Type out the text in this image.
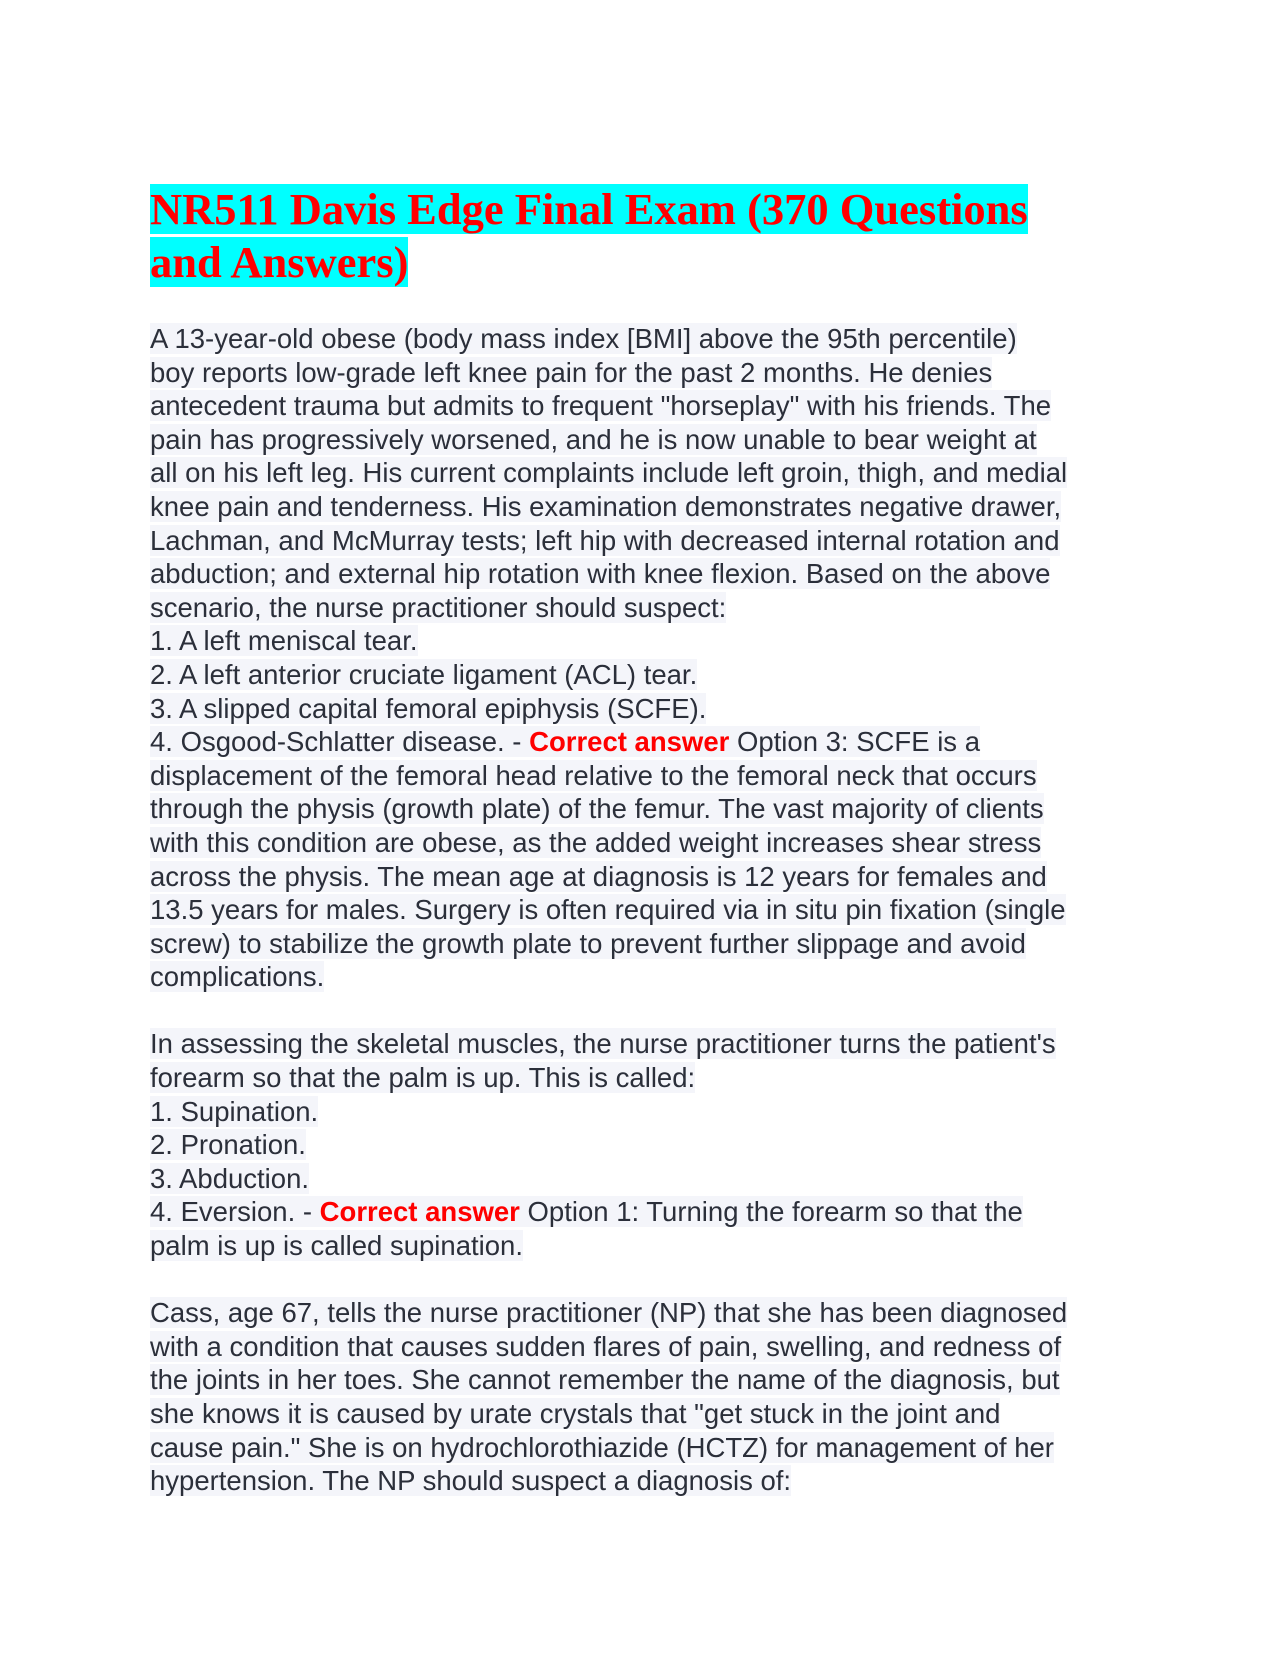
NR511 Davis Edge Final Exam (370 Questions
and Answers)
A 13-year-old obese (body mass index [BMI] above the 95th percentile)
boy reports low-grade left knee pain for the past 2 months. He denies
antecedent trauma but admits to frequent "horseplay" with his friends. The
pain has progressively worsened, and he is now unable to bear weight at
all on his left leg. His current complaints include left groin, thigh, and medial
knee pain and tenderness. His examination demonstrates negative drawer,
Lachman, and McMurray tests; left hip with decreased internal rotation and
abduction; and external hip rotation with knee flexion. Based on the above
scenario, the nurse practitioner should suspect:
1. A left meniscal tear.
2. A left anterior cruciate ligament (ACL) tear.
3. A slipped capital femoral epiphysis (SCFE).
4. Osgood-Schlatter disease. - Correct answer Option 3: SCFE is a
displacement of the femoral head relative to the femoral neck that occurs
through the physis (growth plate) of the femur. The vast majority of clients
with this condition are obese, as the added weight increases shear stress
across the physis. The mean age at diagnosis is 12 years for females and
13.5 years for males. Surgery is often required via in situ pin fixation (single
screw) to stabilize the growth plate to prevent further slippage and avoid
complications.
In assessing the skeletal muscles, the nurse practitioner turns the patient's
forearm so that the palm is up. This is called:
1. Supination.
2. Pronation.
3. Abduction.
4. Eversion. - Correct answer Option 1: Turning the forearm so that the
palm is up is called supination.
Cass, age 67, tells the nurse practitioner (NP) that she has been diagnosed
with a condition that causes sudden flares of pain, swelling, and redness of
the joints in her toes. She cannot remember the name of the diagnosis, but
she knows it is caused by urate crystals that "get stuck in the joint and
cause pain." She is on hydrochlorothiazide (HCTZ) for management of her
hypertension. The NP should suspect a diagnosis of:
